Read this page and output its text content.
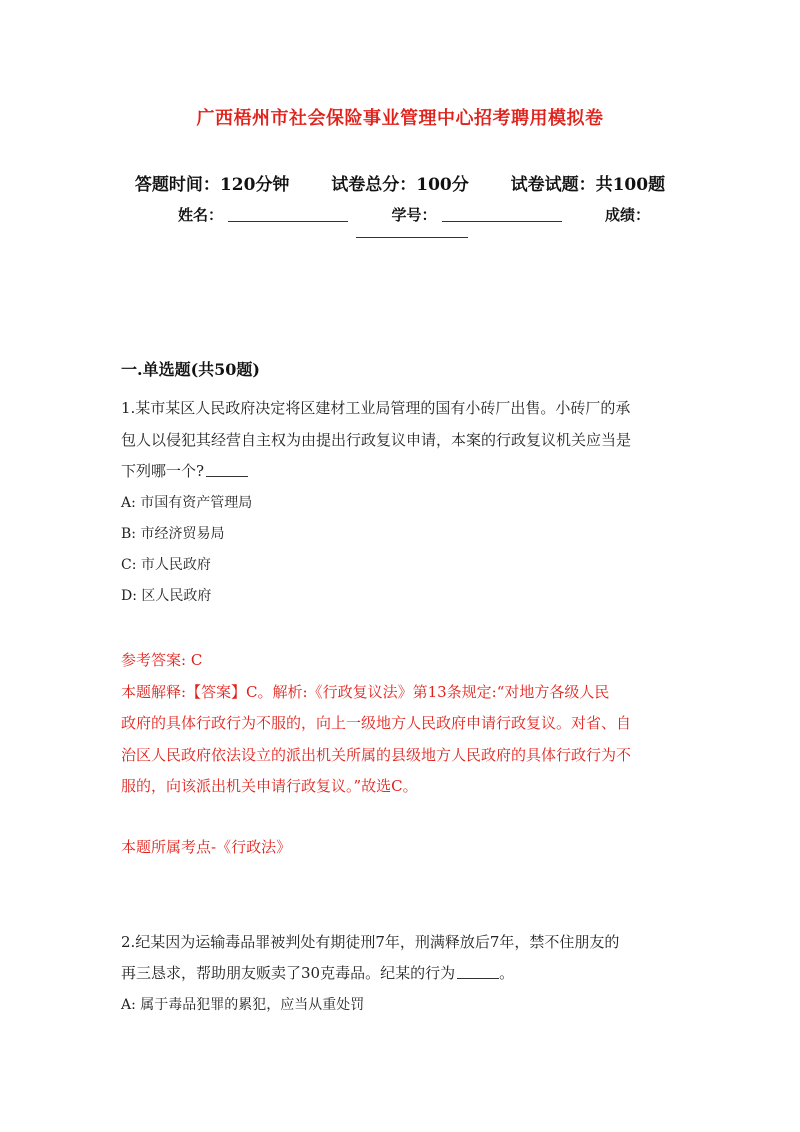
广西梧州市社会保险事业管理中心招考聘用模拟卷
答题时间：120分钟 试卷总分：100分 试卷试题：共100题
姓名：	学号：	成绩：
一.单选题(共50题)
1.某市某区人民政府决定将区建材工业局管理的国有小砖厂出售。小砖厂的承
包人以侵犯其经营自主权为由提出行政复议申请，本案的行政复议机关应当是
下列哪一个?
A: 市国有资产管理局
B: 市经济贸易局
C: 市人民政府
D: 区人民政府
参考答案: C
本题解释:【答案】C。解析:《行政复议法》第13条规定:“对地方各级人民
政府的具体行政行为不服的，向上一级地方人民政府申请行政复议。对省、自
治区人民政府依法设立的派出机关所属的县级地方人民政府的具体行政行为不
服的，向该派出机关申请行政复议。”故选C。
本题所属考点-《行政法》
2.纪某因为运输毒品罪被判处有期徒刑7年，刑满释放后7年，禁不住朋友的
再三恳求，帮助朋友贩卖了30克毒品。纪某的行为	。
A: 属于毒品犯罪的累犯，应当从重处罚
